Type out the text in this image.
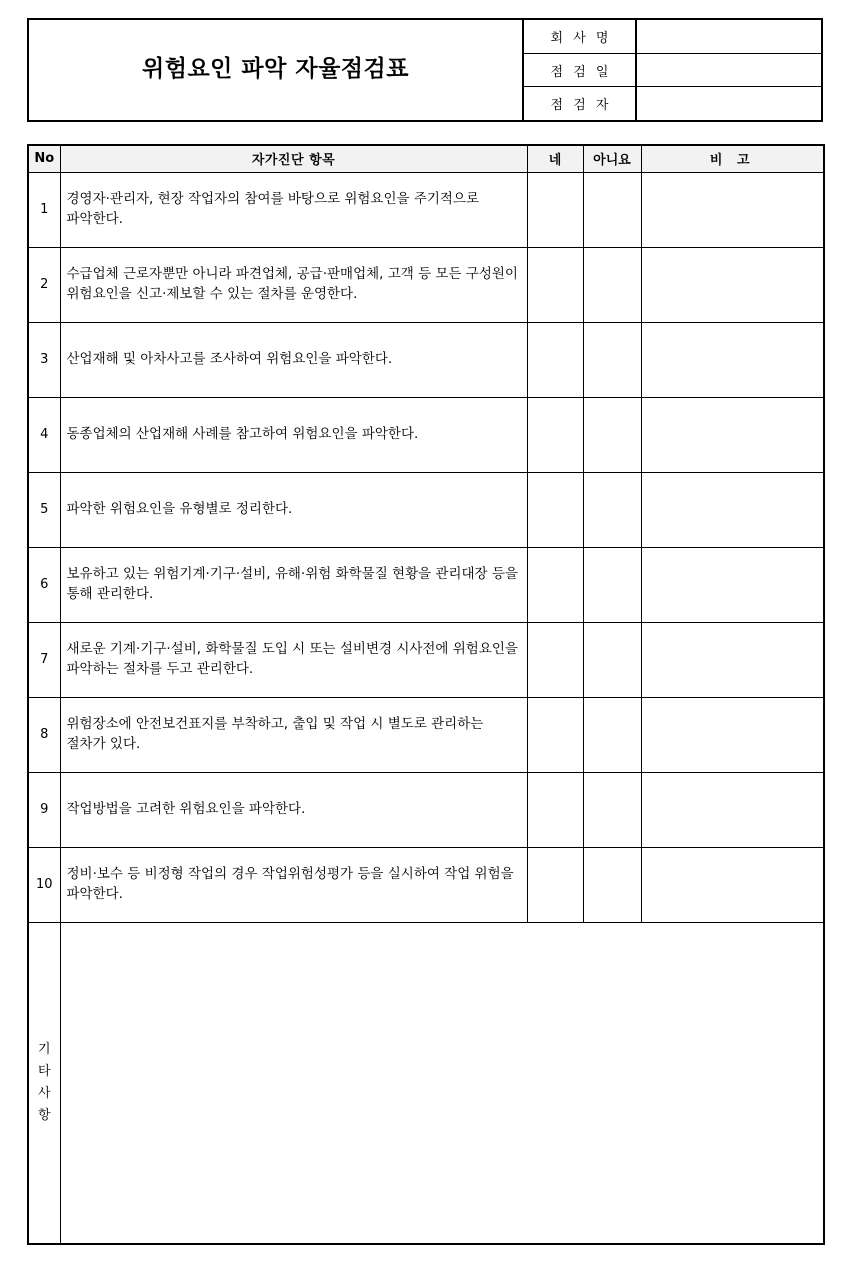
위험요인 파악 자율점검표
회 사 명
점 검 일
점 검 자
No	자가진단 항목	네	아니요	비 고
1	경영자·관리자, 현장 작업자의 참여를 바탕으로 위험요인을 주기적으로 파악한다.			
2	수급업체 근로자뿐만 아니라 파견업체, 공급·판매업체, 고객 등 모든 구성원이 위험요인을 신고·제보할 수 있는 절차를 운영한다.			
3	산업재해 및 아차사고를 조사하여 위험요인을 파악한다.			
4	동종업체의 산업재해 사례를 참고하여 위험요인을 파악한다.			
5	파악한 위험요인을 유형별로 정리한다.			
6	보유하고 있는 위험기계·기구·설비, 유해·위험 화학물질 현황을 관리대장 등을 통해 관리한다.			
7	새로운 기계·기구·설비, 화학물질 도입 시 또는 설비변경 시사전에 위험요인을 파악하는 절차를 두고 관리한다.			
8	위험장소에 안전보건표지를 부착하고, 출입 및 작업 시 별도로 관리하는 절차가 있다.			
9	작업방법을 고려한 위험요인을 파악한다.			
10	정비·보수 등 비정형 작업의 경우 작업위험성평가 등을 실시하여 작업 위험을 파악한다.			

기
타
사
항				
